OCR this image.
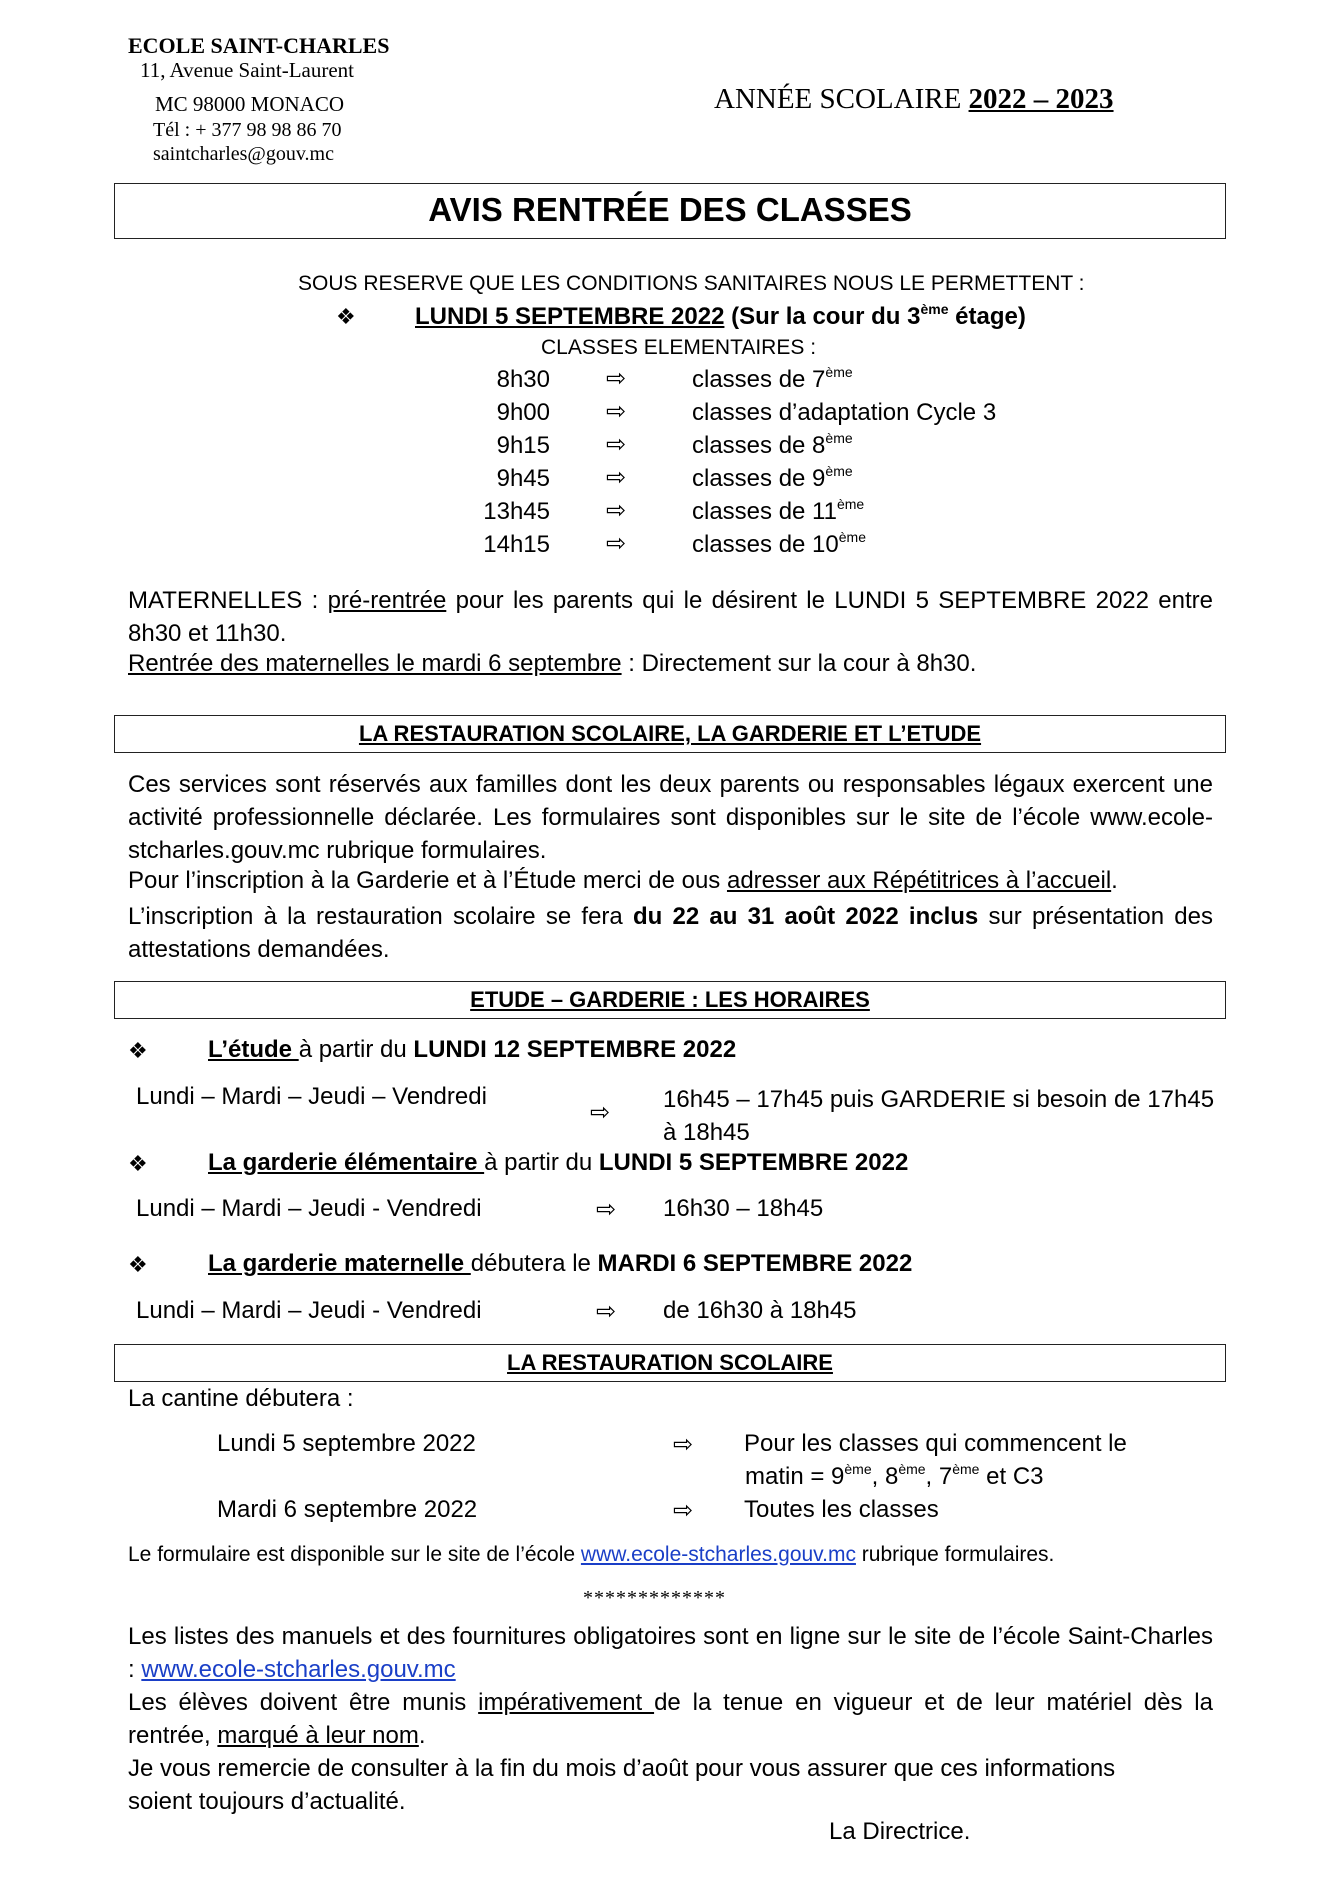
ECOLE SAINT-CHARLES
11, Avenue Saint-Laurent
MC 98000 MONACO
Tél : + 377 98 98 86 70
saintcharles@gouv.mc
ANNÉE SCOLAIRE 2022 – 2023
AVIS RENTRÉE DES CLASSES
SOUS RESERVE QUE LES CONDITIONS SANITAIRES NOUS LE PERMETTENT :
❖ LUNDI 5 SEPTEMBRE 2022 (Sur la cour du 3ème étage)
CLASSES ELEMENTAIRES :
8h30 ⇨	classes de 7ème
9h00 ⇨	classes d’adaptation Cycle 3
9h15 ⇨	classes de 8ème
9h45 ⇨	classes de 9ème
13h45 ⇨	classes de 11ème
14h15 ⇨	classes de 10ème
MATERNELLES : pré-rentrée pour les parents qui le désirent le LUNDI 5 SEPTEMBRE 2022 entre 8h30 et 11h30.
Rentrée des maternelles le mardi 6 septembre : Directement sur la cour à 8h30.
LA RESTAURATION SCOLAIRE, LA GARDERIE ET L’ETUDE
Ces services sont réservés aux familles dont les deux parents ou responsables légaux exercent une activité professionnelle déclarée. Les formulaires sont disponibles sur le site de l’école www.ecole-stcharles.gouv.mc rubrique formulaires.
Pour l’inscription à la Garderie et à l’Étude merci de ous adresser aux Répétitrices à l’accueil.
L’inscription à la restauration scolaire se fera du 22 au 31 août 2022 inclus sur présentation des attestations demandées.
ETUDE – GARDERIE : LES HORAIRES
❖	L’étude à partir du LUNDI 12 SEPTEMBRE 2022
Lundi – Mardi – Jeudi – Vendredi
⇨ 16h45 – 17h45 puis GARDERIE si besoin de 17h45 à 18h45
❖	La garderie élémentaire à partir du LUNDI 5 SEPTEMBRE 2022
Lundi – Mardi – Jeudi - Vendredi	⇨ 16h30 – 18h45
❖	La garderie maternelle débutera le MARDI 6 SEPTEMBRE 2022
Lundi – Mardi – Jeudi - Vendredi	⇨ de 16h30 à 18h45
LA RESTAURATION SCOLAIRE
La cantine débutera :
Lundi 5 septembre 2022	⇨ Pour les classes qui commencent le
matin = 9ème, 8ème, 7ème et C3
Mardi 6 septembre 2022	⇨ Toutes les classes
Le formulaire est disponible sur le site de l’école www.ecole-stcharles.gouv.mc rubrique formulaires.
*************
Les listes des manuels et des fournitures obligatoires sont en ligne sur le site de l’école Saint-Charles : www.ecole-stcharles.gouv.mc
Les élèves doivent être munis impérativement de la tenue en vigueur et de leur matériel dès la rentrée, marqué à leur nom.
Je vous remercie de consulter à la fin du mois d’août pour vous assurer que ces informations soient toujours d’actualité.
La Directrice.
